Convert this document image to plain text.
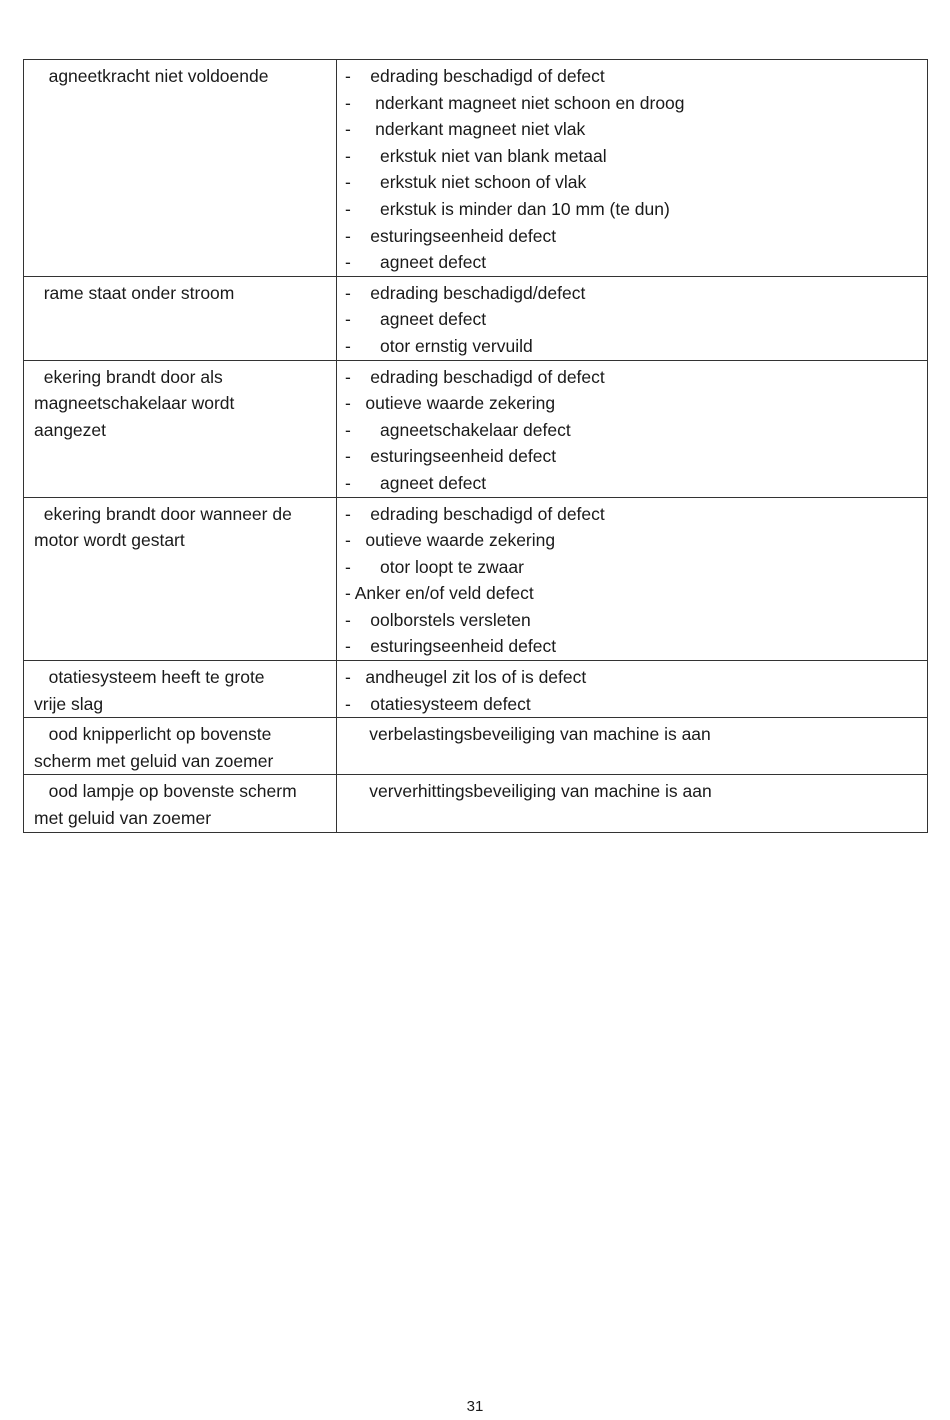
agneetkracht niet voldoende	-    edrading beschadigd of defect
-     nderkant magneet niet schoon en droog
-     nderkant magneet niet vlak
-      erkstuk niet van blank metaal
-      erkstuk niet schoon of vlak
-      erkstuk is minder dan 10 mm (te dun)
-    esturingseenheid defect
-      agneet defect
rame staat onder stroom	-    edrading beschadigd/defect
-      agneet defect
-      otor ernstig vervuild
ekering brandt door als
magneetschakelaar wordt
aangezet
-    edrading beschadigd of defect
-   outieve waarde zekering
-      agneetschakelaar defect
-    esturingseenheid defect
-      agneet defect
ekering brandt door wanneer de
motor wordt gestart
-    edrading beschadigd of defect
-   outieve waarde zekering
-      otor loopt te zwaar
- Anker en/of veld defect
-    oolborstels versleten
-    esturingseenheid defect
otatiesysteem heeft te grote
vrije slag
-   andheugel zit los of is defect
-    otatiesysteem defect
ood knipperlicht op bovenste
scherm met geluid van zoemer
verbelastingsbeveiliging van machine is aan
ood lampje op bovenste scherm
met geluid van zoemer
ververhittingsbeveiliging van machine is aan
31
